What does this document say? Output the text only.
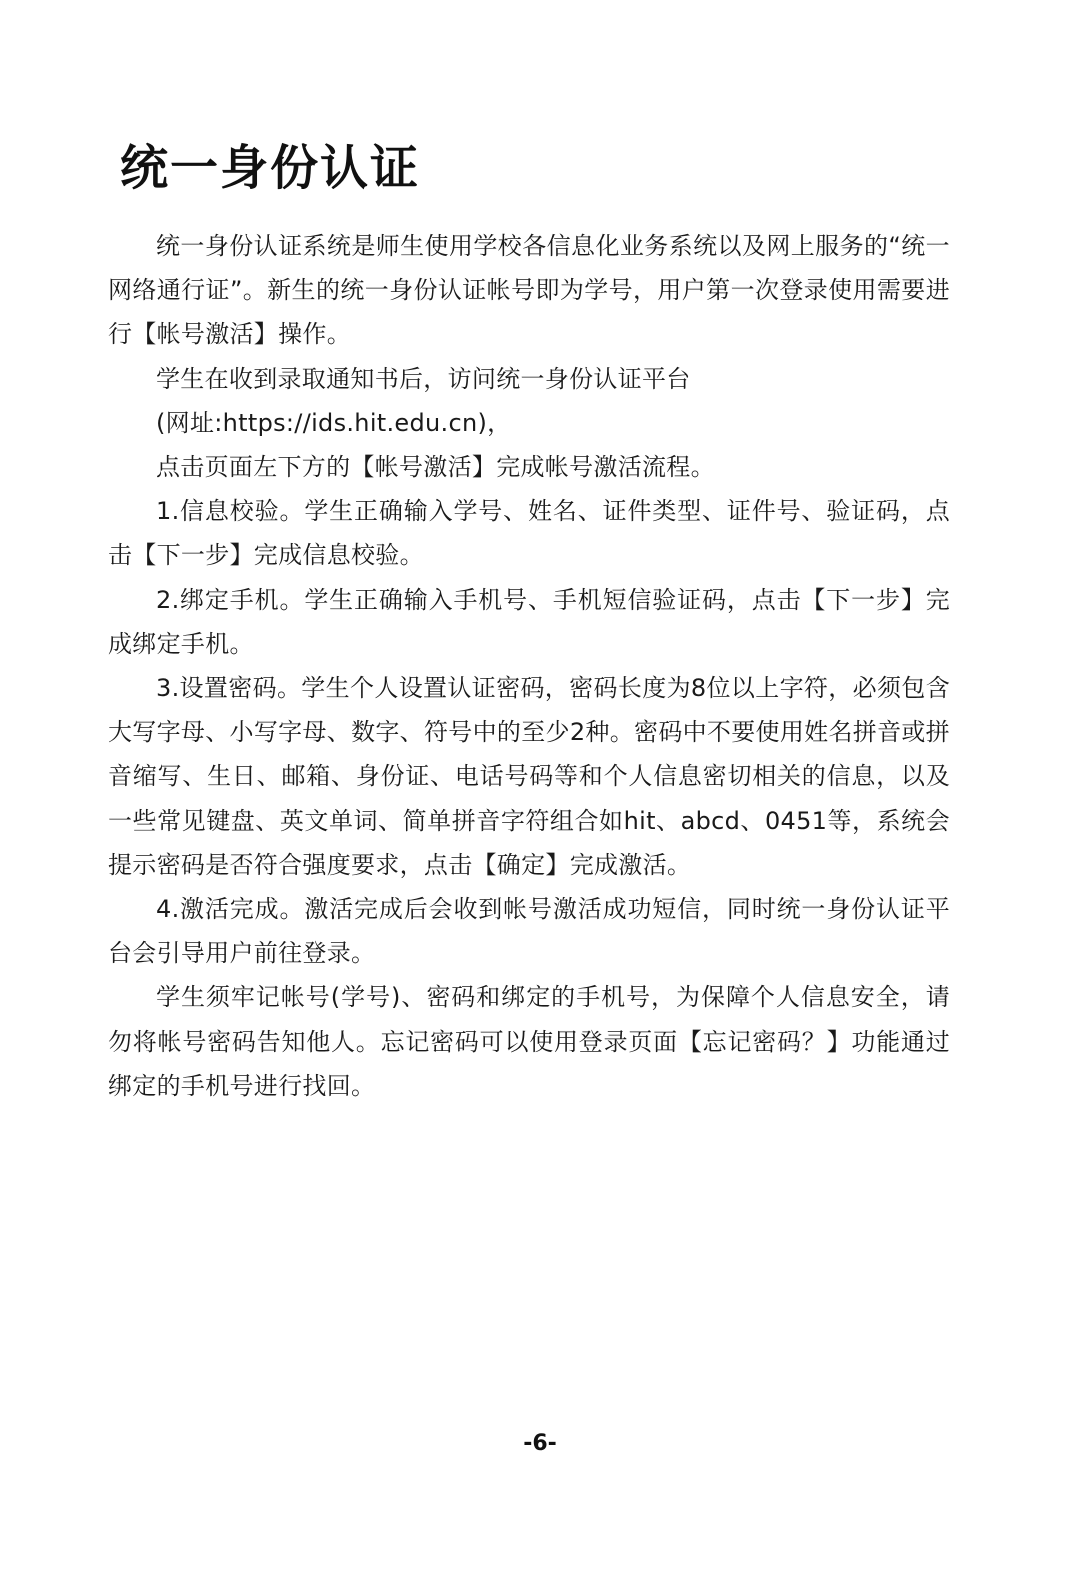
统一身份认证

统一身份认证系统是师生使用学校各信息化业务系统以及网上服务的“统一网络通行证”。新生的统一身份认证帐号即为学号，用户第一次登录使用需要进行【帐号激活】操作。

学生在收到录取通知书后，访问统一身份认证平台

(网址:https://ids.hit.edu.cn)，

点击页面左下方的【帐号激活】完成帐号激活流程。

1.信息校验。学生正确输入学号、姓名、证件类型、证件号、验证码，点击【下一步】完成信息校验。

2.绑定手机。学生正确输入手机号、手机短信验证码，点击【下一步】完成绑定手机。

3.设置密码。学生个人设置认证密码，密码长度为8位以上字符，必须包含大写字母、小写字母、数字、符号中的至少2种。密码中不要使用姓名拼音或拼音缩写、生日、邮箱、身份证、电话号码等和个人信息密切相关的信息，以及一些常见键盘、英文单词、简单拼音字符组合如hit、abcd、0451等，系统会提示密码是否符合强度要求，点击【确定】完成激活。

4.激活完成。激活完成后会收到帐号激活成功短信，同时统一身份认证平台会引导用户前往登录。

学生须牢记帐号(学号)、密码和绑定的手机号，为保障个人信息安全，请勿将帐号密码告知他人。忘记密码可以使用登录页面【忘记密码？】功能通过绑定的手机号进行找回。

-6-
